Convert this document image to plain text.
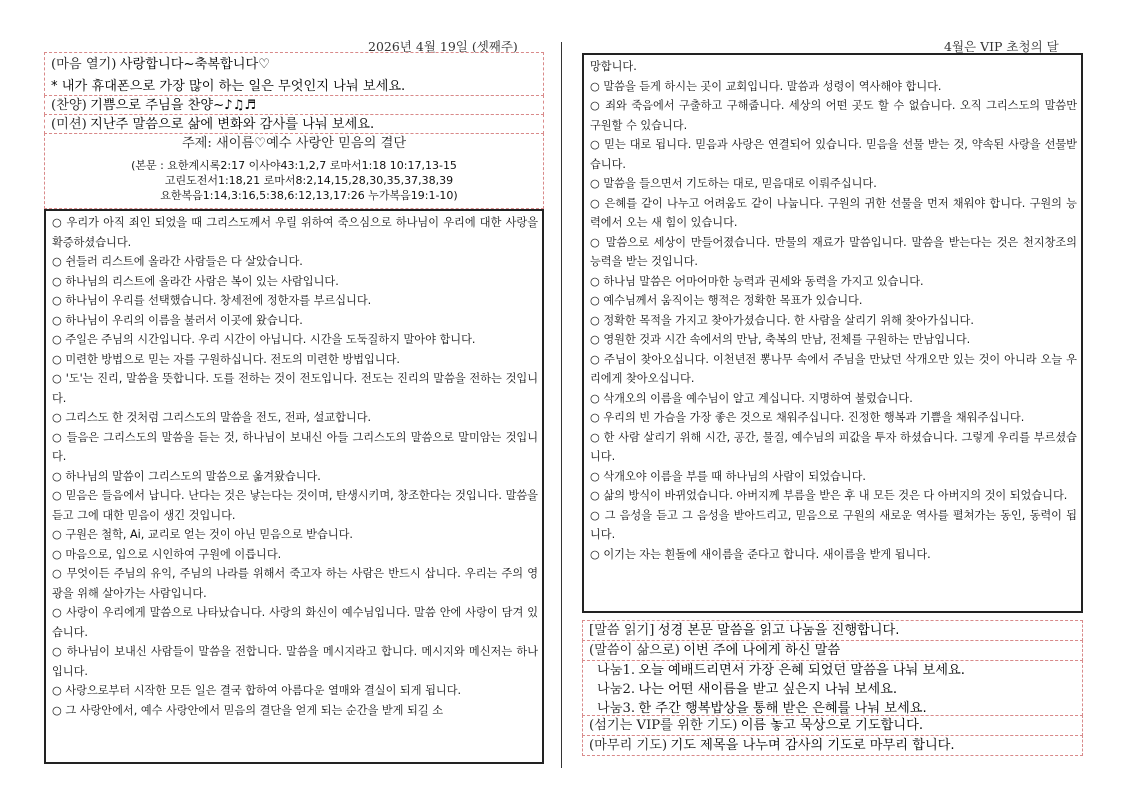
2026년 4월 19일 (셋째주)	4월은 VIP 초청의 달
(마음 열기) 사랑합니다~축복합니다♡
* 내가 휴대폰으로 가장 많이 하는 일은 무엇인지 나눠 보세요.
(찬양) 기쁨으로 주님을 찬양~♪♫♬
(미션) 지난주 말씀으로 삶에 변화와 감사를 나눠 보세요.
주제: 새이름♡예수 사랑안 믿음의 결단
(본문 : 요한계시록2:17 이사야43:1,2,7 로마서1:18 10:17,13-15
고린도전서1:18,21 로마서8:2,14,15,28,30,35,37,38,39
요한복음1:14,3:16,5:38,6:12,13,17:26 누가복음19:1-10)
○ 우리가 아직 죄인 되었을 때 그리스도께서 우릴 위하여 죽으심으로 하나님이 우리에 대한 사랑을 확증하셨습니다.
○ 쉰들러 리스트에 올라간 사람들은 다 살았습니다.
○ 하나님의 리스트에 올라간 사람은 복이 있는 사람입니다.
○ 하나님이 우리를 선택했습니다. 창세전에 정한자를 부르십니다.
○ 하나님이 우리의 이름을 불러서 이곳에 왔습니다.
○ 주일은 주님의 시간입니다. 우리 시간이 아닙니다. 시간을 도둑질하지 말아야 합니다.
○ 미련한 방법으로 믿는 자를 구원하십니다. 전도의 미련한 방법입니다.
○ '도'는 진리, 말씀을 뜻합니다. 도를 전하는 것이 전도입니다. 전도는 진리의 말씀을 전하는 것입니다.
○ 그리스도 한 것처럼 그리스도의 말씀을 전도, 전파, 설교합니다.
○ 들음은 그리스도의 말씀을 듣는 것, 하나님이 보내신 아들 그리스도의 말씀으로 말미암는 것입니다.
○ 하나님의 말씀이 그리스도의 말씀으로 옮겨왔습니다.
○ 믿음은 들음에서 납니다. 난다는 것은 낳는다는 것이며, 탄생시키며, 창조한다는 것입니다. 말씀을 듣고 그에 대한 믿음이 생긴 것입니다.
○ 구원은 철학, Ai, 교리로 얻는 것이 아닌 믿음으로 받습니다.
○ 마음으로, 입으로 시인하여 구원에 이릅니다.
○ 무엇이든 주님의 유익, 주님의 나라를 위해서 죽고자 하는 사람은 반드시 삽니다. 우리는 주의 영광을 위해 살아가는 사람입니다.
○ 사랑이 우리에게 말씀으로 나타났습니다. 사랑의 화신이 예수님입니다. 말씀 안에 사랑이 담겨 있습니다.
○ 하나님이 보내신 사람들이 말씀을 전합니다. 말씀을 메시지라고 합니다. 메시지와 메신저는 하나입니다.
○ 사랑으로부터 시작한 모든 일은 결국 합하여 아름다운 열매와 결실이 되게 됩니다.
○ 그 사랑안에서, 예수 사랑안에서 믿음의 결단을 얻게 되는 순간을 받게 되길 소
망합니다.
○ 말씀을 듣게 하시는 곳이 교회입니다. 말씀과 성령이 역사해야 합니다.
○ 죄와 죽음에서 구출하고 구해줍니다. 세상의 어떤 곳도 할 수 없습니다. 오직 그리스도의 말씀만 구원할 수 있습니다.
○ 믿는 대로 됩니다. 믿음과 사랑은 연결되어 있습니다. 믿음을 선물 받는 것, 약속된 사랑을 선물받습니다.
○ 말씀을 들으면서 기도하는 대로, 믿음대로 이뤄주십니다.
○ 은혜를 같이 나누고 어려움도 같이 나눕니다. 구원의 귀한 선물을 먼저 채워야 합니다. 구원의 능력에서 오는 새 힘이 있습니다.
○ 말씀으로 세상이 만들어졌습니다. 만물의 재료가 말씀입니다. 말씀을 받는다는 것은 천지창조의 능력을 받는 것입니다.
○ 하나님 말씀은 어마어마한 능력과 권세와 동력을 가지고 있습니다.
○ 예수님께서 움직이는 행적은 정확한 목표가 있습니다.
○ 정확한 목적을 가지고 찾아가셨습니다. 한 사람을 살리기 위해 찾아가십니다.
○ 영원한 것과 시간 속에서의 만남, 축복의 만남, 전체를 구원하는 만남입니다.
○ 주님이 찾아오십니다. 이천년전 뽕나무 속에서 주님을 만났던 삭개오만 있는 것이 아니라 오늘 우리에게 찾아오십니다.
○ 삭개오의 이름을 예수님이 알고 계십니다. 지명하여 불렀습니다.
○ 우리의 빈 가슴을 가장 좋은 것으로 채워주십니다. 진정한 행복과 기쁨을 채워주십니다.
○ 한 사람 살리기 위해 시간, 공간, 물질, 예수님의 피값을 투자 하셨습니다. 그렇게 우리를 부르셨습니다.
○ 삭개오야 이름을 부를 때 하나님의 사람이 되었습니다.
○ 삶의 방식이 바뀌었습니다. 아버지께 부름을 받은 후 내 모든 것은 다 아버지의 것이 되었습니다.
○ 그 음성을 듣고 그 음성을 받아드리고, 믿음으로 구원의 새로운 역사를 펼쳐가는 동인, 동력이 됩니다.
○ 이기는 자는 흰돌에 새이름을 준다고 합니다. 새이름을 받게 됩니다.
[말씀 읽기] 성경 본문 말씀을 읽고 나눔을 진행합니다.
(말씀이 삶으로) 이번 주에 나에게 하신 말씀
나눔1. 오늘 예배드리면서 가장 은혜 되었던 말씀을 나눠 보세요.
나눔2. 나는 어떤 새이름을 받고 싶은지 나눠 보세요.
나눔3. 한 주간 행복밥상을 통해 받은 은혜를 나눠 보세요.
(섬기는 VIP를 위한 기도) 이름 놓고 묵상으로 기도합니다.
(마무리 기도) 기도 제목을 나누며 감사의 기도로 마무리 합니다.
